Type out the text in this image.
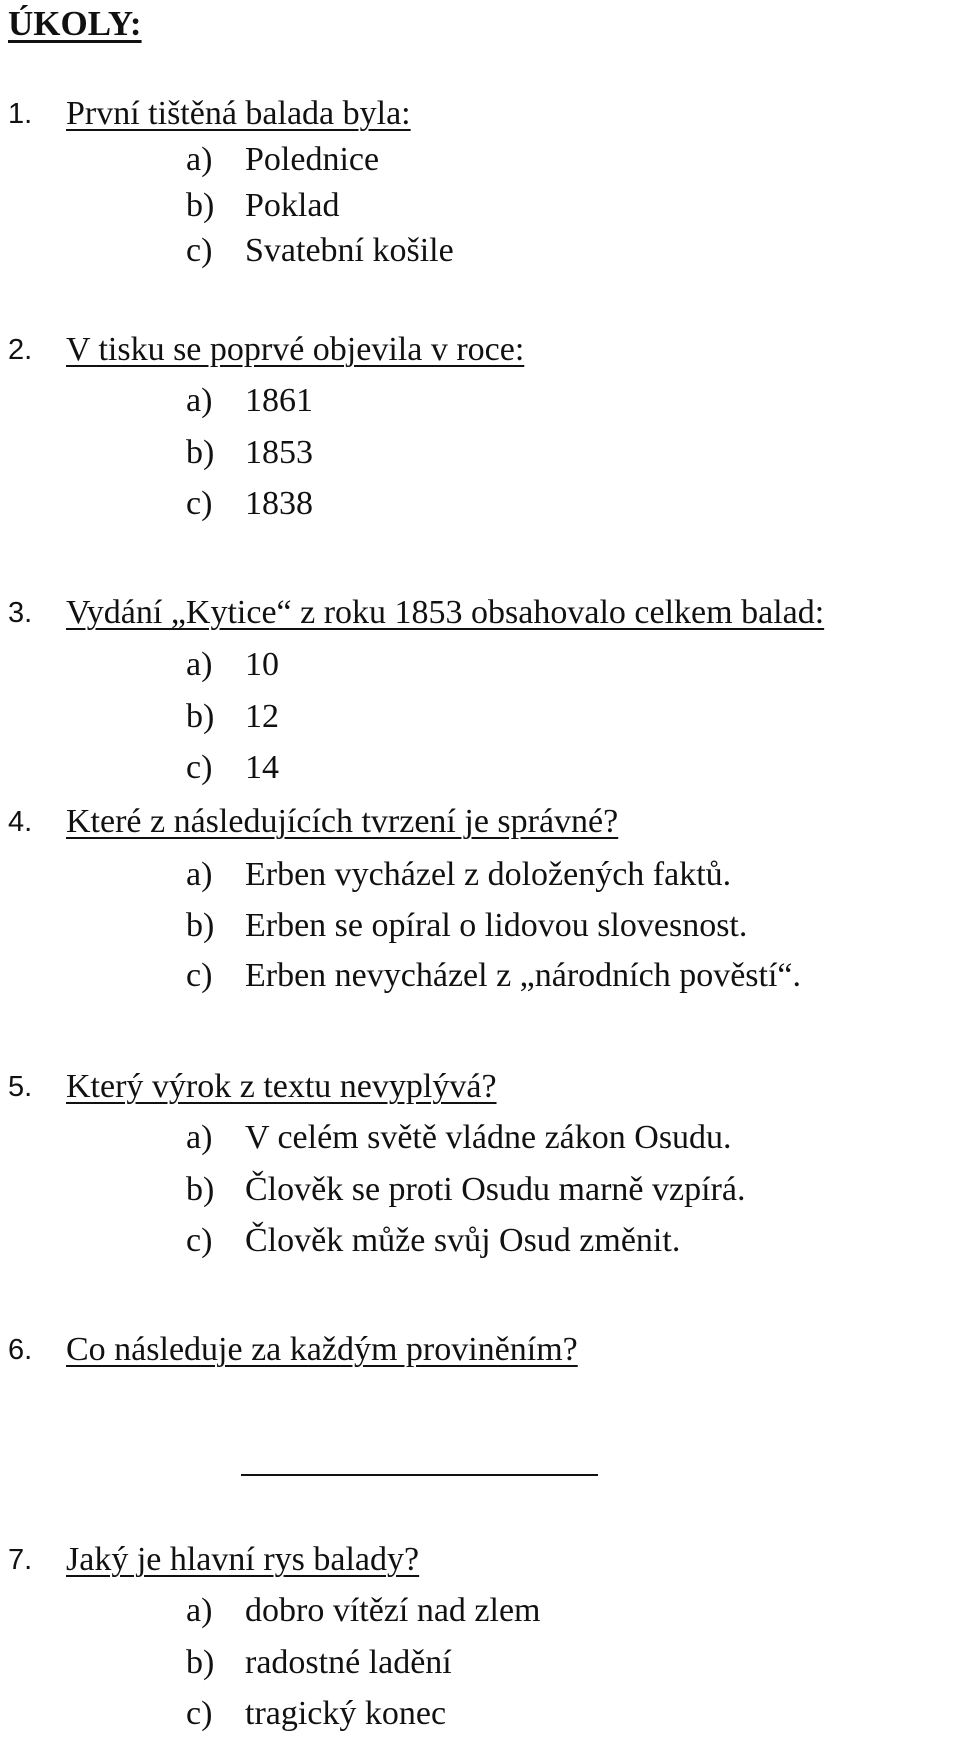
ÚKOLY:
1. První tištěná balada byla:
a) Polednice
b) Poklad
c) Svatební košile
2. V tisku se poprvé objevila v roce:
a) 1861
b) 1853
c) 1838
3. Vydání „Kytice“ z roku 1853 obsahovalo celkem balad:
a) 10
b) 12
c) 14
4. Které z následujících tvrzení je správné?
a) Erben vycházel z doložených faktů.
b) Erben se opíral o lidovou slovesnost.
c) Erben nevycházel z „národních pověstí“.
5. Který výrok z textu nevyplývá?
a) V celém světě vládne zákon Osudu.
b) Člověk se proti Osudu marně vzpírá.
c) Člověk může svůj Osud změnit.
6. Co následuje za každým proviněním?
7. Jaký je hlavní rys balady?
a) dobro vítězí nad zlem
b) radostné ladění
c) tragický konec
